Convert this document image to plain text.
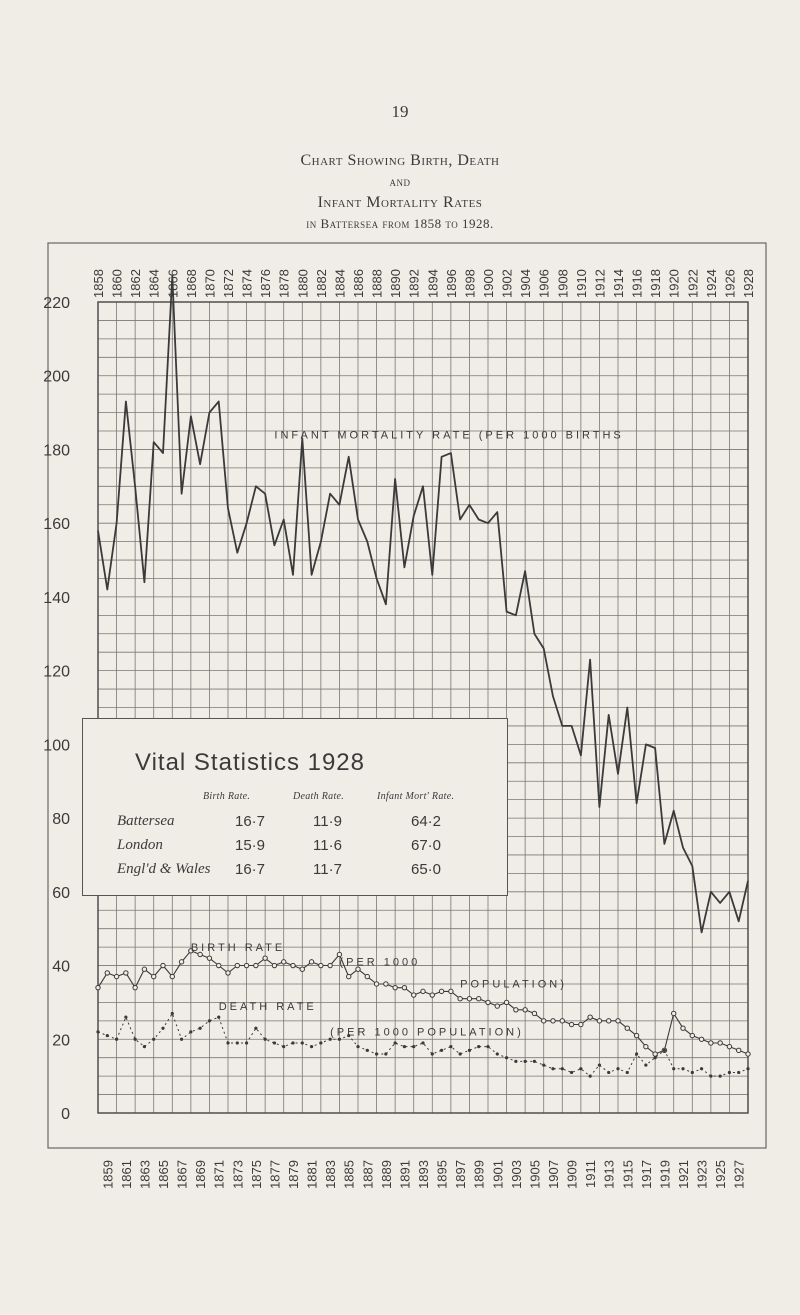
19
Chart Showing Birth, Death
and
Infant Mortality Rates
in Battersea from 1858 to 1928.
0
20
40
60
80
100
120
140
160
180
200
220
1858 1860 1862 1864 1866 1868 1870 1872 1874 1876 1878 1880 1882 1884 1886 1888 1890 1892 1894 1896 1898 1900 1902 1904 1906 1908 1910 1912 1914 1916 1918 1920 1922 1924 1926 1928
1859 1861 1863 1865 1867 1869 1871 1873 1875 1877 1879 1881 1883 1885 1887 1889 1891 1893 1895 1897 1899 1901 1903 1905 1907 1909 1911 1913 1915 1917 1919 1921 1923 1925 1927
INFANT MORTALITY RATE (PER 1000 BIRTHS
BIRTH RATE
(PER 1000
POPULATION)
DEATH RATE
(PER 1000 POPULATION)
Vital Statistics 1928
Birth Rate.	Death Rate.	Infant Mort' Rate.
Battersea	16·7	11·9	64·2
London	15·9	11·6	67·0
Engl'd & Wales 16·7	11·7	65·0
